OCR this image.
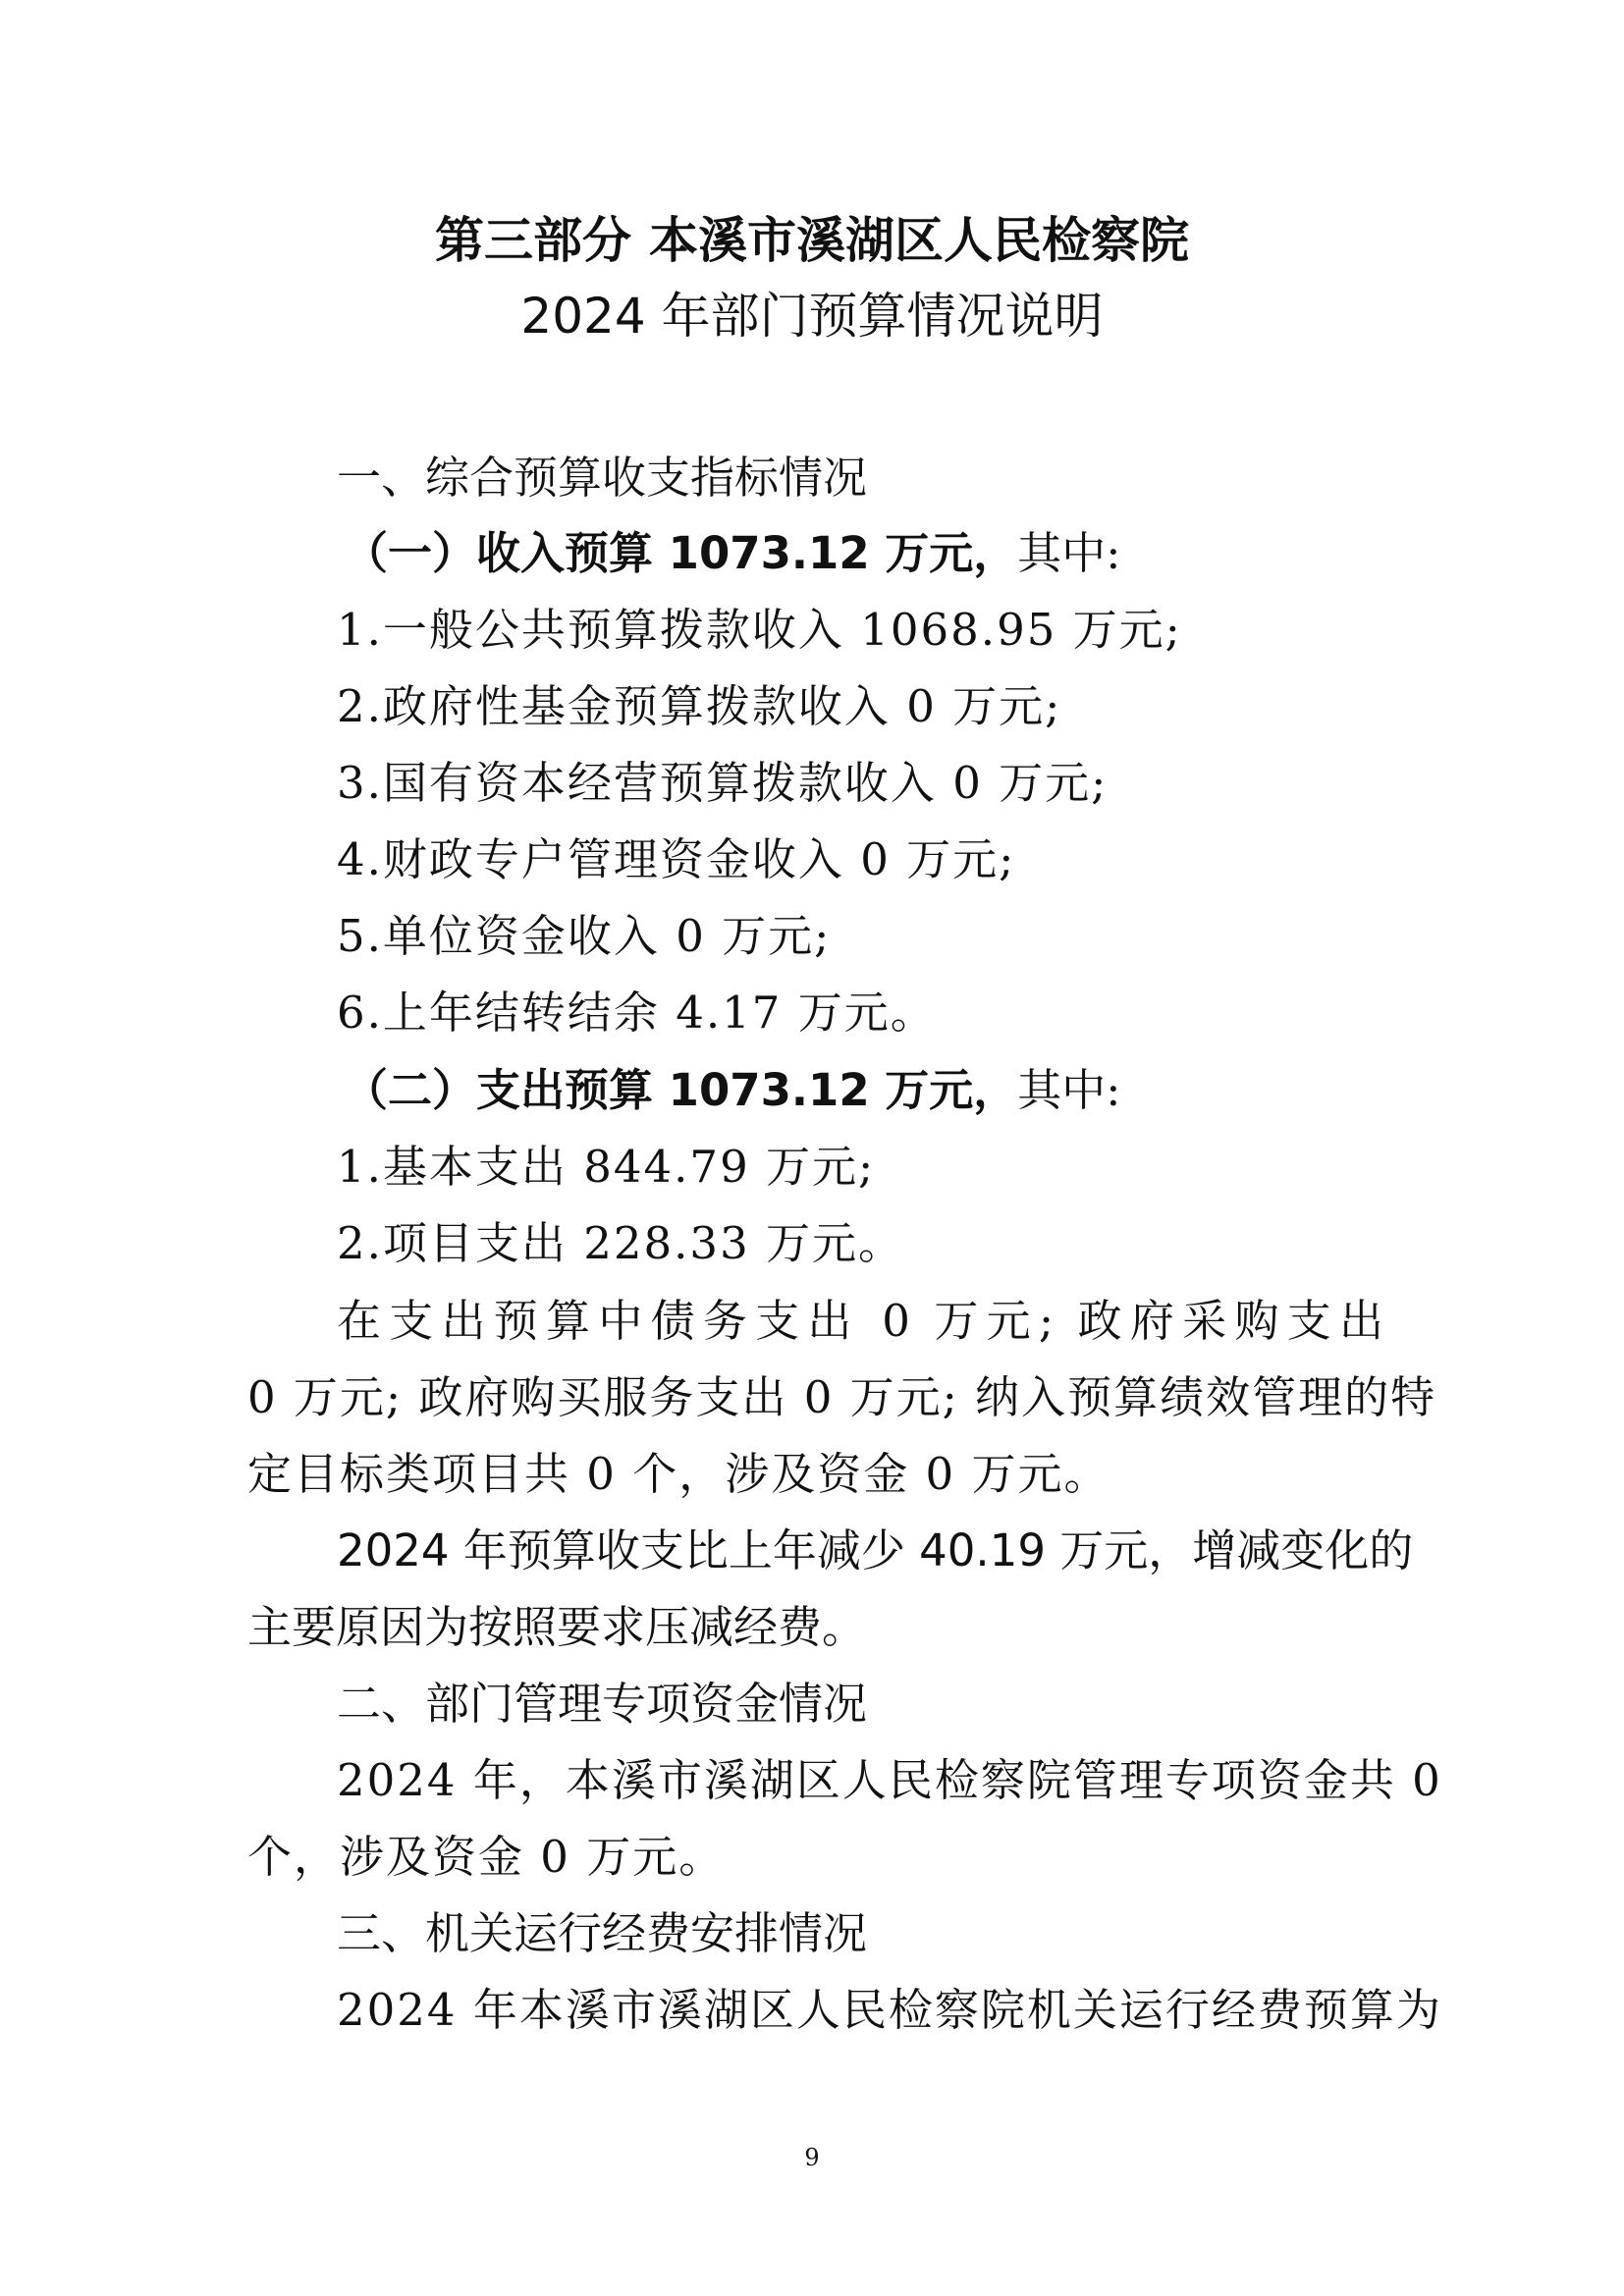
第三部分 本溪市溪湖区人民检察院
2024 年部门预算情况说明
一、综合预算收支指标情况
（一）收入预算 1073.12 万元，其中:
1.一般公共预算拨款收入 1068.95 万元;
2.政府性基金预算拨款收入 0 万元;
3.国有资本经营预算拨款收入 0 万元;
4.财政专户管理资金收入 0 万元;
5.单位资金收入 0 万元;
6.上年结转结余 4.17 万元。
（二）支出预算 1073.12 万元，其中:
1.基本支出 844.79 万元;
2.项目支出 228.33 万元。
在支出预算中债务支出 0 万元; 政府采购支出
0 万元; 政府购买服务支出 0 万元; 纳入预算绩效管理的特
定目标类项目共 0 个，涉及资金 0 万元。
2024 年预算收支比上年减少 40.19 万元，增减变化的
主要原因为按照要求压减经费。
二、部门管理专项资金情况
2024 年，本溪市溪湖区人民检察院管理专项资金共 0
个，涉及资金 0 万元。
三、机关运行经费安排情况
2024 年本溪市溪湖区人民检察院机关运行经费预算为
9
